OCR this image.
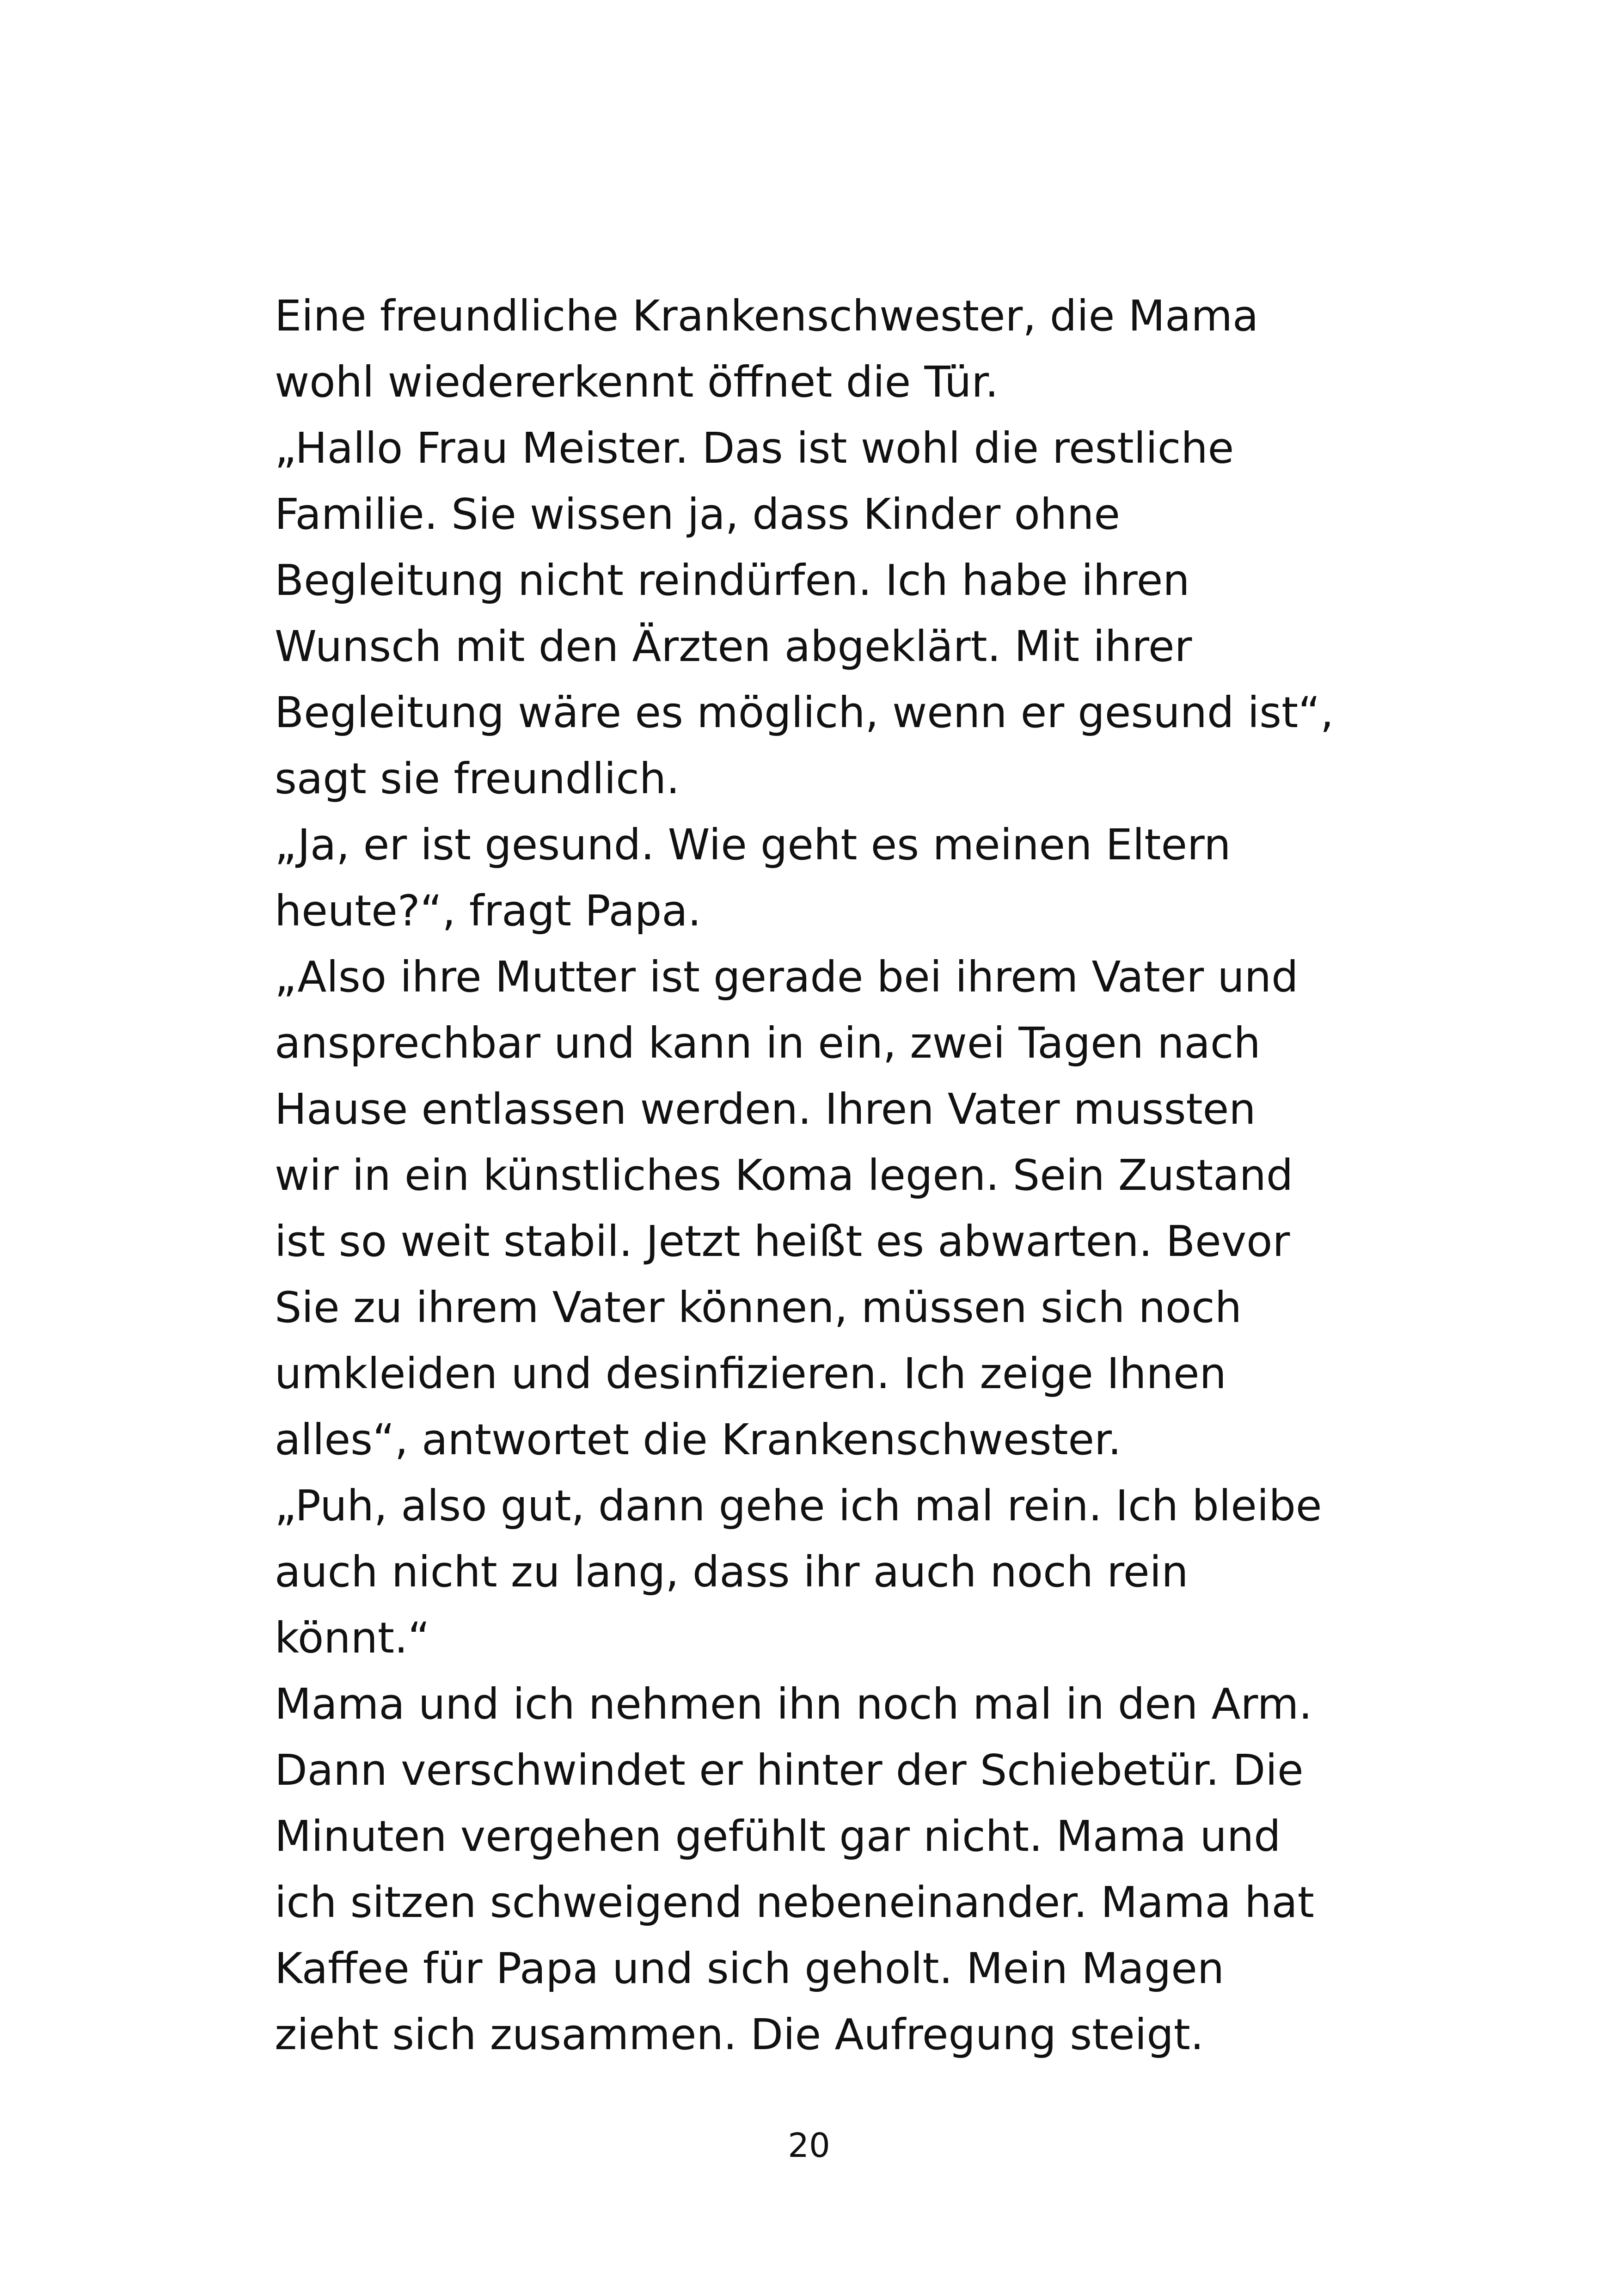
Eine freundliche Krankenschwester, die Mama
wohl wiedererkennt öffnet die Tür.
„Hallo Frau Meister. Das ist wohl die restliche
Familie. Sie wissen ja, dass Kinder ohne
Begleitung nicht reindürfen. Ich habe ihren
Wunsch mit den Ärzten abgeklärt. Mit ihrer
Begleitung wäre es möglich, wenn er gesund ist“,
sagt sie freundlich.
„Ja, er ist gesund. Wie geht es meinen Eltern
heute?“, fragt Papa.
„Also ihre Mutter ist gerade bei ihrem Vater und
ansprechbar und kann in ein, zwei Tagen nach
Hause entlassen werden. Ihren Vater mussten
wir in ein künstliches Koma legen. Sein Zustand
ist so weit stabil. Jetzt heißt es abwarten. Bevor
Sie zu ihrem Vater können, müssen sich noch
umkleiden und desinfizieren. Ich zeige Ihnen
alles“, antwortet die Krankenschwester.
„Puh, also gut, dann gehe ich mal rein. Ich bleibe
auch nicht zu lang, dass ihr auch noch rein
könnt.“
Mama und ich nehmen ihn noch mal in den Arm.
Dann verschwindet er hinter der Schiebetür. Die
Minuten vergehen gefühlt gar nicht. Mama und
ich sitzen schweigend nebeneinander. Mama hat
Kaffee für Papa und sich geholt. Mein Magen
zieht sich zusammen. Die Aufregung steigt.
20
